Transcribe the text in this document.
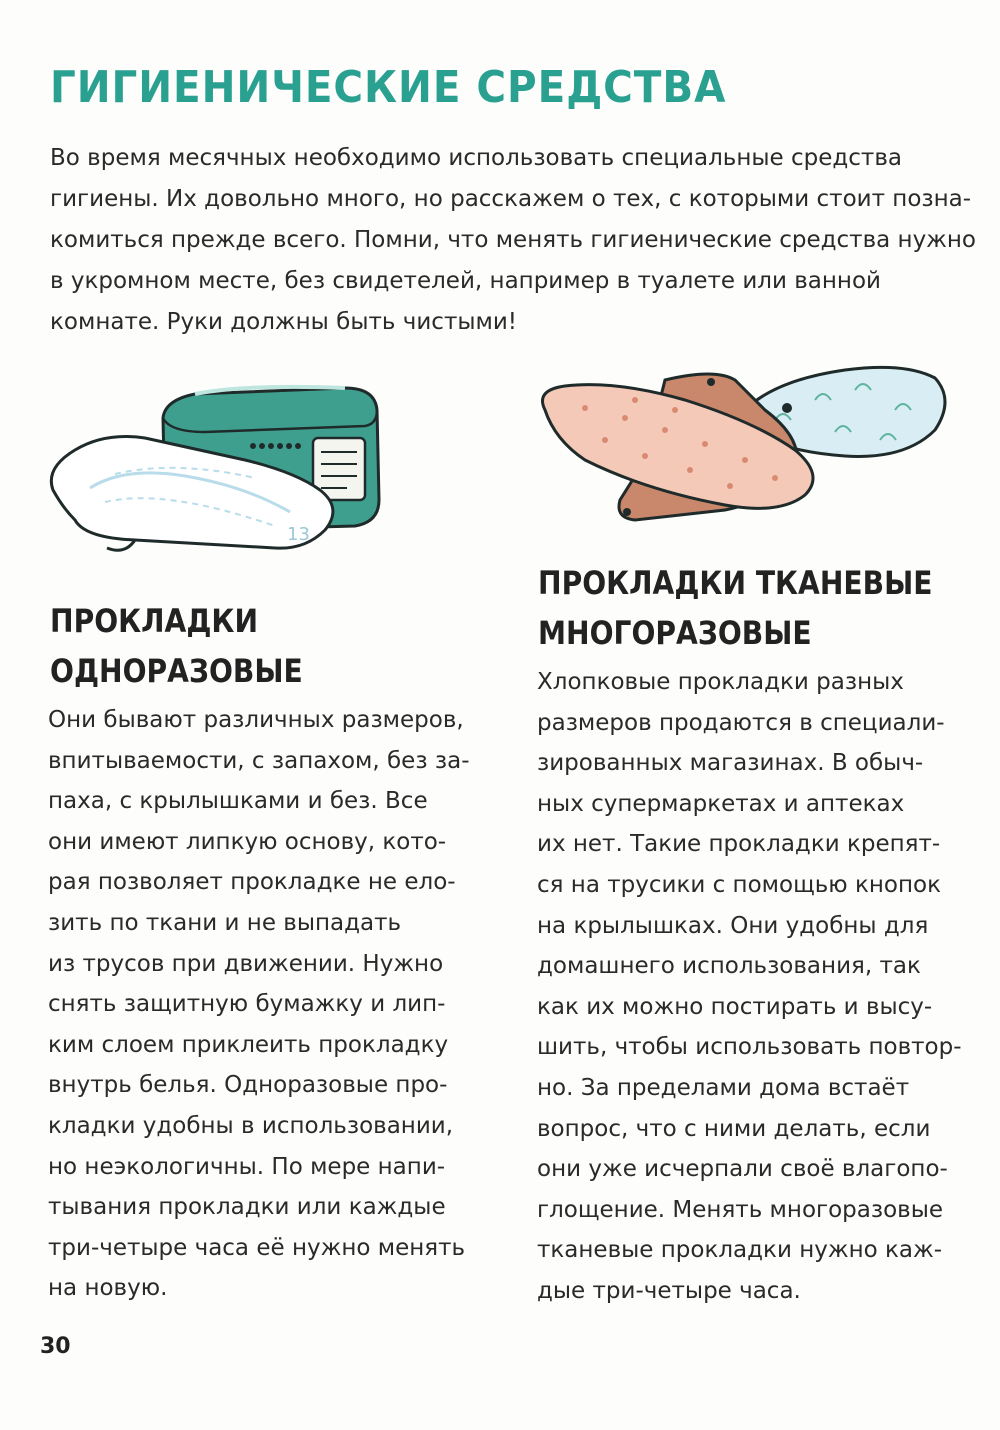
ГИГИЕНИЧЕСКИЕ СРЕДСТВА
Во время месячных необходимо использовать специальные средства
гигиены. Их довольно много, но расскажем о тех, с которыми стоит позна-
комиться прежде всего. Помни, что менять гигиенические средства нужно
в укромном месте, без свидетелей, например в туалете или ванной
комнате. Руки должны быть чистыми!
13
ПРОКЛАДКИ
ОДНОРАЗОВЫЕ
ПРОКЛАДКИ ТКАНЕВЫЕ
МНОГОРАЗОВЫЕ
Они бывают различных размеров,
впитываемости, с запахом, без за-
паха, с крылышками и без. Все
они имеют липкую основу, кото-
рая позволяет прокладке не ело-
зить по ткани и не выпадать
из трусов при движении. Нужно
снять защитную бумажку и лип-
ким слоем приклеить прокладку
внутрь белья. Одноразовые про-
кладки удобны в использовании,
но неэкологичны. По мере напи-
тывания прокладки или каждые
три-четыре часа её нужно менять
на новую.
Хлопковые прокладки разных
размеров продаются в специали-
зированных магазинах. В обыч-
ных супермаркетах и аптеках
их нет. Такие прокладки крепят-
ся на трусики с помощью кнопок
на крылышках. Они удобны для
домашнего использования, так
как их можно постирать и высу-
шить, чтобы использовать повтор-
но. За пределами дома встаёт
вопрос, что с ними делать, если
они уже исчерпали своё влагопо-
глощение. Менять многоразовые
тканевые прокладки нужно каж-
дые три-четыре часа.
30
